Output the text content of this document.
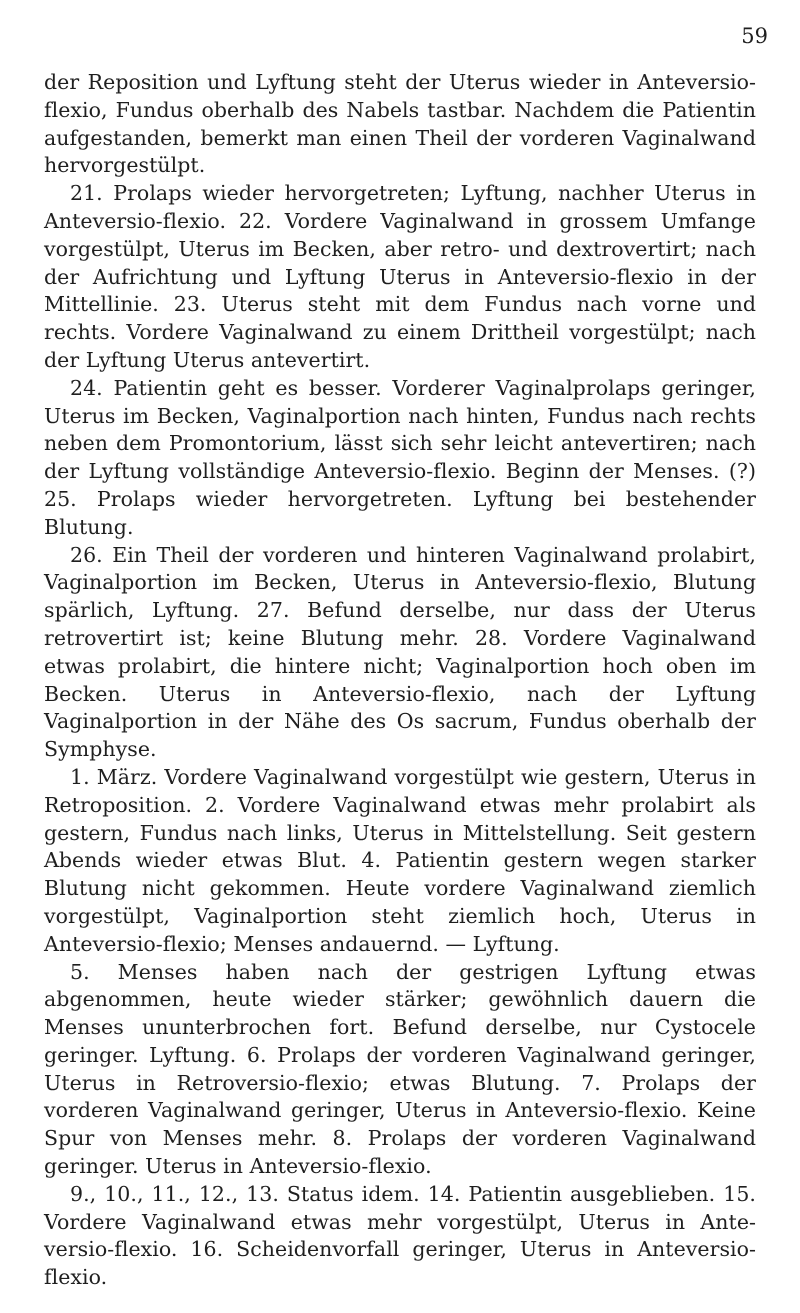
59

der Reposition und Lyftung steht der Uterus wieder in Anteversio-flexio, Fundus oberhalb des Nabels tastbar. Nachdem die Patientin aufgestanden, bemerkt man einen Theil der vorderen Vaginalwand hervorgestülpt.

21. Prolaps wieder hervorgetreten; Lyftung, nachher Uterus in Anteversio-flexio. 22. Vordere Vaginalwand in grossem Umfange vorgestülpt, Uterus im Becken, aber retro- und dextrovertirt; nach der Aufrichtung und Lyftung Uterus in Anteversio-flexio in der Mittellinie. 23. Uterus steht mit dem Fundus nach vorne und rechts. Vordere Vaginalwand zu einem Drittheil vorgestülpt; nach der Lyftung Uterus antevertirt.

24. Patientin geht es besser. Vorderer Vaginalprolaps geringer, Uterus im Becken, Vaginalportion nach hinten, Fundus nach rechts neben dem Promontorium, lässt sich sehr leicht antevertiren; nach der Lyftung vollständige Anteversio-flexio. Beginn der Menses. (?) 25. Prolaps wieder hervorgetreten. Lyftung bei bestehender Blutung.

26. Ein Theil der vorderen und hinteren Vaginalwand prolabirt, Vaginalportion im Becken, Uterus in Anteversio-flexio, Blutung spärlich, Lyftung. 27. Befund derselbe, nur dass der Uterus retrovertirt ist; keine Blutung mehr. 28. Vordere Vaginalwand etwas prolabirt, die hintere nicht; Vaginalportion hoch oben im Becken. Uterus in Anteversio-flexio, nach der Lyftung Vaginalportion in der Nähe des Os sacrum, Fundus oberhalb der Symphyse.

1. März. Vordere Vaginalwand vorgestülpt wie gestern, Uterus in Retroposition. 2. Vordere Vaginalwand etwas mehr prolabirt als gestern, Fundus nach links, Uterus in Mittelstellung. Seit gestern Abends wieder etwas Blut. 4. Patientin gestern wegen starker Blutung nicht gekommen. Heute vordere Vaginalwand ziemlich vorgestülpt, Vaginalportion steht ziemlich hoch, Uterus in Anteversio-flexio; Menses andauernd. — Lyftung.

5. Menses haben nach der gestrigen Lyftung etwas abgenommen, heute wieder stärker; gewöhnlich dauern die Menses ununterbrochen fort. Befund derselbe, nur Cystocele geringer. Lyftung. 6. Prolaps der vorderen Vaginalwand geringer, Uterus in Retroversio-flexio; etwas Blutung. 7. Prolaps der vorderen Vaginalwand geringer, Uterus in Anteversio-flexio. Keine Spur von Menses mehr. 8. Prolaps der vorderen Vaginalwand geringer. Uterus in Anteversio-flexio.

9., 10., 11., 12., 13. Status idem. 14. Patientin ausgeblieben. 15. Vordere Vaginalwand etwas mehr vorgestülpt, Uterus in Ante-versio-flexio. 16. Scheidenvorfall geringer, Uterus in Anteversio-flexio.
